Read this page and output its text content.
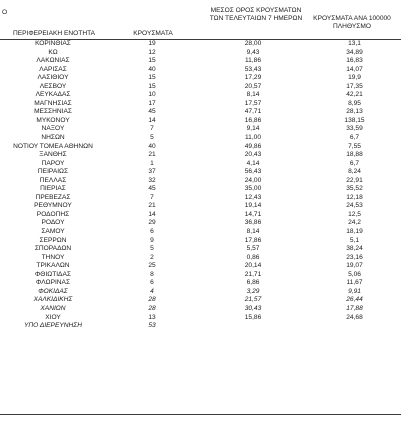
Ο
ΠΕΡΙΦΕΡΕΙΑΚΗ ΕΝΟΤΗΤΑ	ΚΡΟΥΣΜΑΤΑ
ΜΕΣΟΣ ΟΡΟΣ ΚΡΟΥΣΜΑΤΩΝ ΤΩΝ ΤΕΛΕΥΤΑΙΩΝ 7 ΗΜΕΡΩΝ	ΚΡΟΥΣΜΑΤΑ ΑΝΑ 100000 ΠΛΗΘΥΣΜΟ
ΚΟΡΙΝΘΙΑΣ	19	28,00	13,1
ΚΩ	12	9,43	34,89
ΛΑΚΩΝΙΑΣ	15	11,86	16,83
ΛΑΡΙΣΑΣ	40	53,43	14,07
ΛΑΣΙΘΙΟΥ	15	17,29	19,9
ΛΕΣΒΟΥ	15	20,57	17,35
ΛΕΥΚΑΔΑΣ	10	8,14	42,21
ΜΑΓΝΗΣΙΑΣ	17	17,57	8,95
ΜΕΣΣΗΝΙΑΣ	45	47,71	28,13
ΜΥΚΟΝΟΥ	14	16,86	138,15
ΝΑΞΟΥ	7	9,14	33,59
ΝΗΣΩΝ	5	11,00	6,7
ΝΟΤΙΟΥ ΤΟΜΕΑ ΑΘΗΝΩΝ	40	49,86	7,55
ΞΑΝΘΗΣ	21	20,43	18,88
ΠΑΡΟΥ	1	4,14	6,7
ΠΕΙΡΑΙΩΣ	37	56,43	8,24
ΠΕΛΛΑΣ	32	24,00	22,91
ΠΙΕΡΙΑΣ	45	35,00	35,52
ΠΡΕΒΕΖΑΣ	7	12,43	12,18
ΡΕΘΥΜΝΟΥ	21	19,14	24,53
ΡΟΔΟΠΗΣ	14	14,71	12,5
ΡΟΔΟΥ	29	36,86	24,2
ΣΑΜΟΥ	6	8,14	18,19
ΣΕΡΡΩΝ	9	17,86	5,1
ΣΠΟΡΑΔΩΝ	5	5,57	38,24
ΤΗΝΟΥ	2	0,86	23,16
ΤΡΙΚΑΛΩΝ	25	20,14	19,07
ΦΘΙΩΤΙΔΑΣ	8	21,71	5,06
ΦΛΩΡΙΝΑΣ	6	6,86	11,67
ΦΩΚΙΔΑΣ	4	3,29	9,91
ΧΑΛΚΙΔΙΚΗΣ	28	21,57	26,44
ΧΑΝΙΩΝ	28	30,43	17,88
ΧΙΟΥ	13	15,86	24,68
ΥΠΟ ΔΙΕΡΕΥΝΗΣΗ	53		
